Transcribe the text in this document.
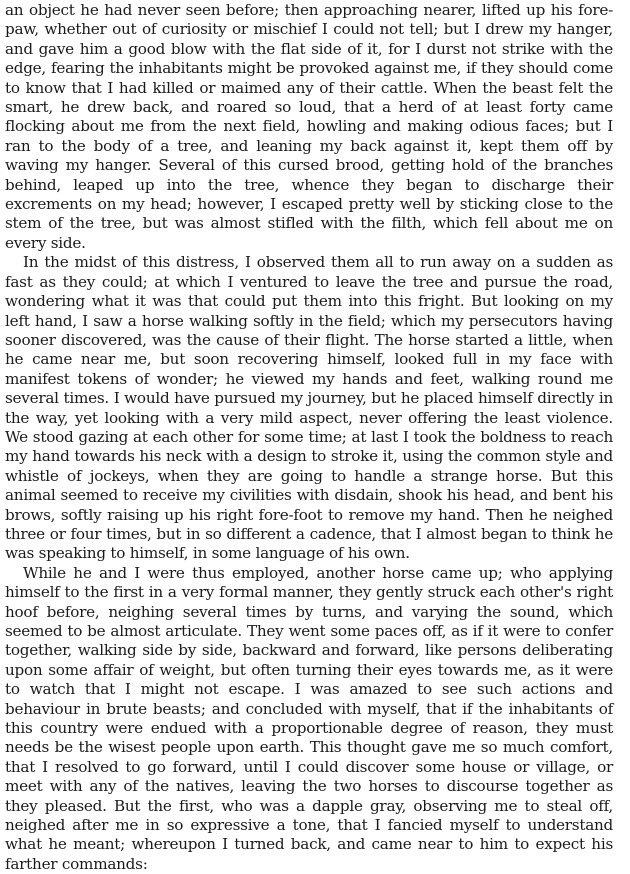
an object he had never seen before; then approaching nearer, lifted up his fore-paw, whether out of curiosity or mischief I could not tell; but I drew my hanger, and gave him a good blow with the flat side of it, for I durst not strike with the edge, fearing the inhabitants might be provoked against me, if they should come to know that I had killed or maimed any of their cattle. When the beast felt the smart, he drew back, and roared so loud, that a herd of at least forty came flocking about me from the next field, howling and making odious faces; but I ran to the body of a tree, and leaning my back against it, kept them off by waving my hanger. Several of this cursed brood, getting hold of the branches behind, leaped up into the tree, whence they began to discharge their excrements on my head; however, I escaped pretty well by sticking close to the stem of the tree, but was almost stifled with the filth, which fell about me on every side.

In the midst of this distress, I observed them all to run away on a sudden as fast as they could; at which I ventured to leave the tree and pursue the road, wondering what it was that could put them into this fright. But looking on my left hand, I saw a horse walking softly in the field; which my persecutors having sooner discovered, was the cause of their flight. The horse started a little, when he came near me, but soon recovering himself, looked full in my face with manifest tokens of wonder; he viewed my hands and feet, walking round me several times. I would have pursued my journey, but he placed himself directly in the way, yet looking with a very mild aspect, never offering the least violence. We stood gazing at each other for some time; at last I took the boldness to reach my hand towards his neck with a design to stroke it, using the common style and whistle of jockeys, when they are going to handle a strange horse. But this animal seemed to receive my civilities with disdain, shook his head, and bent his brows, softly raising up his right fore-foot to remove my hand. Then he neighed three or four times, but in so different a cadence, that I almost began to think he was speaking to himself, in some language of his own.

While he and I were thus employed, another horse came up; who applying himself to the first in a very formal manner, they gently struck each other's right hoof before, neighing several times by turns, and varying the sound, which seemed to be almost articulate. They went some paces off, as if it were to confer together, walking side by side, backward and forward, like persons deliberating upon some affair of weight, but often turning their eyes towards me, as it were to watch that I might not escape. I was amazed to see such actions and behaviour in brute beasts; and concluded with myself, that if the inhabitants of this country were endued with a proportionable degree of reason, they must needs be the wisest people upon earth. This thought gave me so much comfort, that I resolved to go forward, until I could discover some house or village, or meet with any of the natives, leaving the two horses to discourse together as they pleased. But the first, who was a dapple gray, observing me to steal off, neighed after me in so expressive a tone, that I fancied myself to understand what he meant; whereupon I turned back, and came near to him to expect his farther commands:
